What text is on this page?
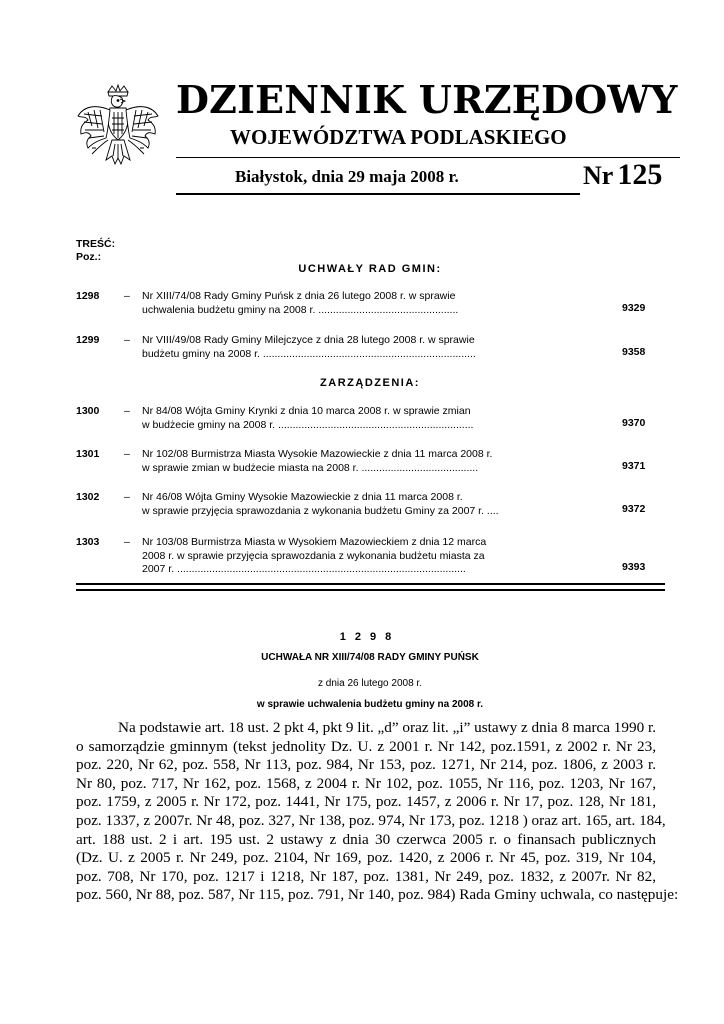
DZIENNIK URZĘDOWY
WOJEWÓDZTWA PODLASKIEGO
Białystok, dnia 29 maja 2008 r.	Nr 125
TREŚĆ:
Poz.:
UCHWAŁY RAD GMIN:
1298 – Nr XIII/74/08 Rady Gminy Puńsk z dnia 26 lutego 2008 r. w sprawie
uchwalenia budżetu gminy na 2008 r. ................................................	9329
1299 – Nr VIII/49/08 Rady Gminy Milejczyce z dnia 28 lutego 2008 r. w sprawie
budżetu gminy na 2008 r. .........................................................................	9358
ZARZĄDZENIA:
1300 – Nr 84/08 Wójta Gminy Krynki z dnia 10 marca 2008 r. w sprawie zmian
w budżecie gminy na 2008 r. ...................................................................	9370
1301 – Nr 102/08 Burmistrza Miasta Wysokie Mazowieckie z dnia 11 marca 2008 r.
w sprawie zmian w budżecie miasta na 2008 r. ........................................	9371
1302 – Nr 46/08 Wójta Gminy Wysokie Mazowieckie z dnia 11 marca 2008 r.
w sprawie przyjęcia sprawozdania z wykonania budżetu Gminy za 2007 r. ....	9372
1303 – Nr 103/08 Burmistrza Miasta w Wysokiem Mazowieckiem z dnia 12 marca
2008 r. w sprawie przyjęcia sprawozdania z wykonania budżetu miasta za
2007 r. ...................................................................................................	9393
1298
UCHWAŁA NR XIII/74/08 RADY GMINY PUŃSK
z dnia 26 lutego 2008 r.
w sprawie uchwalenia budżetu gminy na 2008 r.
Na podstawie art. 18 ust. 2 pkt 4, pkt 9 lit. „d” oraz lit. „i” ustawy z dnia 8 marca 1990 r.
o samorządzie gminnym (tekst jednolity Dz. U. z 2001 r. Nr 142, poz.1591, z 2002 r. Nr 23,
poz. 220, Nr 62, poz. 558, Nr 113, poz. 984, Nr 153, poz. 1271, Nr 214, poz. 1806, z 2003 r.
Nr 80, poz. 717, Nr 162, poz. 1568, z 2004 r. Nr 102, poz. 1055, Nr 116, poz. 1203, Nr 167,
poz. 1759, z 2005 r. Nr 172, poz. 1441, Nr 175, poz. 1457, z 2006 r. Nr 17, poz. 128, Nr 181,
poz. 1337, z 2007r. Nr 48, poz. 327, Nr 138, poz. 974, Nr 173, poz. 1218 ) oraz art. 165, art. 184,
art. 188 ust. 2 i art. 195 ust. 2 ustawy z dnia 30 czerwca 2005 r. o finansach publicznych
(Dz. U. z 2005 r. Nr 249, poz. 2104, Nr 169, poz. 1420, z 2006 r. Nr 45, poz. 319, Nr 104,
poz. 708, Nr 170, poz. 1217 i 1218, Nr 187, poz. 1381, Nr 249, poz. 1832, z 2007r. Nr 82,
poz. 560, Nr 88, poz. 587, Nr 115, poz. 791, Nr 140, poz. 984) Rada Gminy uchwala, co następuje:
